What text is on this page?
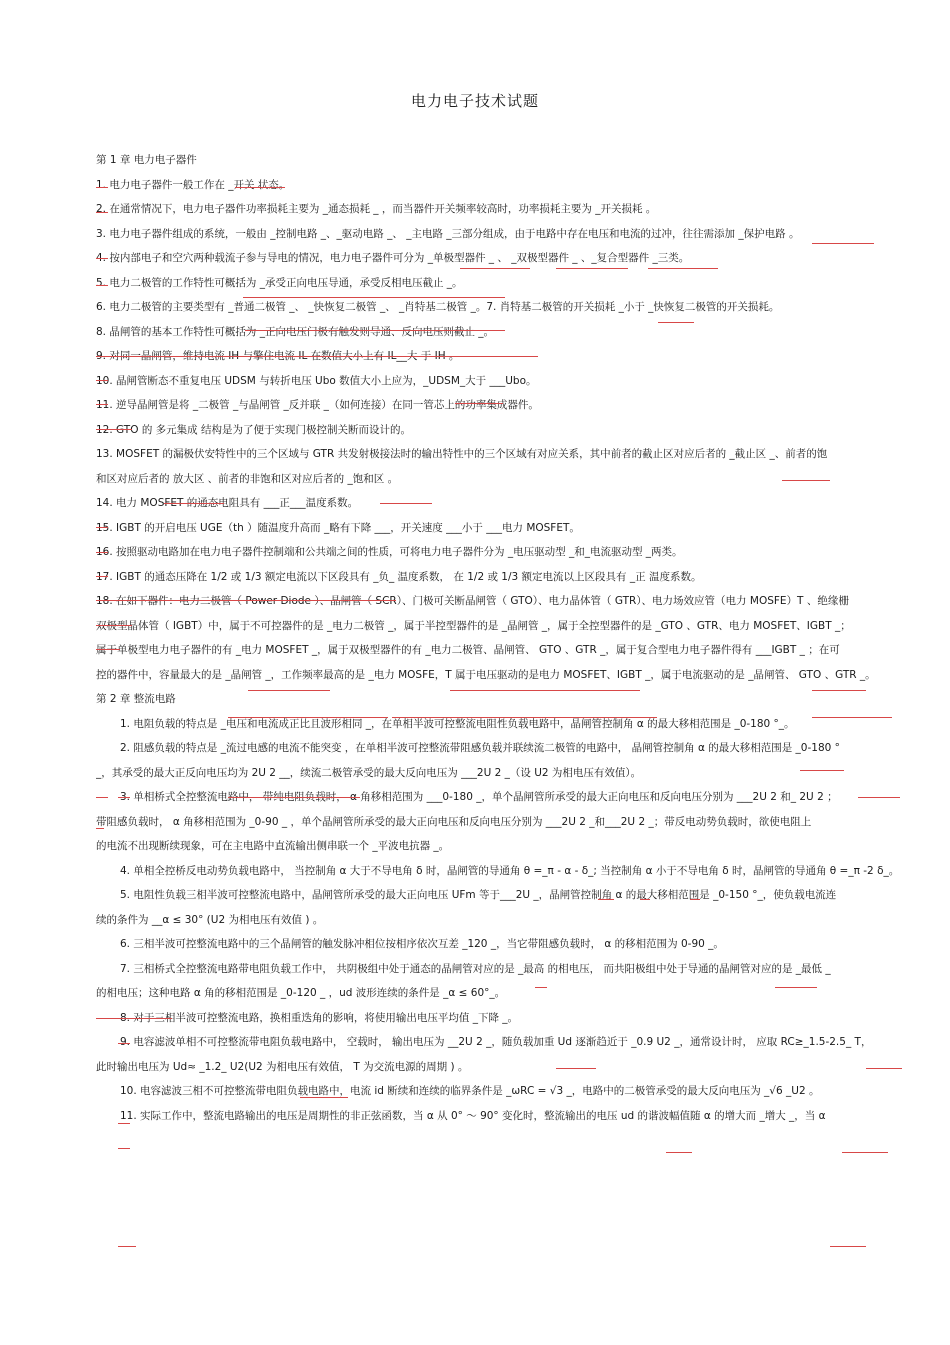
电力电子技术试题
第 1 章 电力电子器件
1. 电力电子器件一般工作在 _开关 状态。
2. 在通常情况下，电力电子器件功率损耗主要为 _通态损耗 _ ，而当器件开关频率较高时，功率损耗主要为 _开关损耗 。
3. 电力电子器件组成的系统，一般由 _控制电路 _、_驱动电路 _、 _主电路 _三部分组成，由于电路中存在电压和电流的过冲，往往需添加 _保护电路 。
4. 按内部电子和空穴两种载流子参与导电的情况，电力电子器件可分为 _单极型器件 _ 、 _双极型器件 _ 、_复合型器件 _三类。
5. 电力二极管的工作特性可概括为 _承受正向电压导通，承受反相电压截止 _。
6. 电力二极管的主要类型有 _普通二极管 _、 _快恢复二极管 _、 _肖特基二极管 _。7. 肖特基二极管的开关损耗 _小于 _快恢复二极管的开关损耗。
8. 晶闸管的基本工作特性可概括为 _正向电压门极有触发则导通、反向电压则截止 _。
9. 对同一晶闸管，维持电流 IH 与擎住电流 IL 在数值大小上有 IL__大 于 IH 。
10. 晶闸管断态不重复电压 UDSM 与转折电压 Ubo 数值大小上应为，_UDSM_大于 ___Ubo。
11. 逆导晶闸管是将 _二极管 _与晶闸管 _反并联 _（如何连接）在同一管芯上的功率集成器件。
12. GTO 的 多元集成 结构是为了便于实现门极控制关断而设计的。
13. MOSFET 的漏极伏安特性中的三个区域与 GTR 共发射极接法时的输出特性中的三个区域有对应关系，其中前者的截止区对应后者的 _截止区 _、前者的饱
和区对应后者的 放大区 、前者的非饱和区对应后者的 _饱和区 。
14. 电力 MOSFET 的通态电阻具有 ___正___温度系数。
15. IGBT 的开启电压 UGE（th ）随温度升高而 _略有下降 ___，开关速度 ___小于 ___电力 MOSFET。
16. 按照驱动电路加在电力电子器件控制端和公共端之间的性质，可将电力电子器件分为 _电压驱动型 _和_电流驱动型 _两类。
17. IGBT 的通态压降在 1/2 或 1/3 额定电流以下区段具有 _负_ 温度系数， 在 1/2 或 1/3 额定电流以上区段具有 _正 温度系数。
18. 在如下器件：电力二极管（ Power Diode ）、晶闸管（ SCR）、门极可关断晶闸管（ GTO）、电力晶体管（ GTR）、电力场效应管（电力 MOSFE）T 、绝缘栅
双极型晶体管（ IGBT）中，属于不可控器件的是 _电力二极管 _，属于半控型器件的是 _晶闸管 _，属于全控型器件的是 _GTO 、GTR、电力 MOSFET、IGBT _；
属于单极型电力电子器件的有 _电力 MOSFET _，属于双极型器件的有 _电力二极管、晶闸管、 GTO 、GTR _，属于复合型电力电子器件得有 ___IGBT _ ；在可
控的器件中，容量最大的是 _晶闸管 _，工作频率最高的是 _电力 MOSFE，T 属于电压驱动的是电力 MOSFET、IGBT _，属于电流驱动的是 _晶闸管、 GTO 、GTR _。
第 2 章 整流电路
1. 电阻负载的特点是 _电压和电流成正比且波形相同 _，在单相半波可控整流电阻性负载电路中，晶闸管控制角 α 的最大移相范围是 _0-180 °_。
2. 阻感负载的特点是 _流过电感的电流不能突变 ，在单相半波可控整流带阻感负载并联续流二极管的电路中， 晶闸管控制角 α 的最大移相范围是 _0-180 °
_，其承受的最大正反向电压均为 2U 2 __，续流二极管承受的最大反向电压为 ___2U 2 _（设 U2 为相电压有效值）。
3. 单相桥式全控整流电路中， 带纯电阻负载时， α 角移相范围为 ___0-180 _，单个晶闸管所承受的最大正向电压和反向电压分别为 ___2U 2 和_ 2U 2 ；
带阻感负载时， α 角移相范围为 _0-90 _ ，单个晶闸管所承受的最大正向电压和反向电压分别为 ___2U 2 _和___2U 2 _；带反电动势负载时，欲使电阻上
的电流不出现断续现象，可在主电路中直流输出侧串联一个 _平波电抗器 _。
4. 单相全控桥反电动势负载电路中， 当控制角 α 大于不导电角 δ 时，晶闸管的导通角 θ =_π - α - δ_; 当控制角 α 小于不导电角 δ 时，晶闸管的导通角 θ =_π -2 δ_。
5. 电阻性负载三相半波可控整流电路中，晶闸管所承受的最大正向电压 UFm 等于___2U _，晶闸管控制角 α 的最大移相范围是 _0-150 °_，使负载电流连
续的条件为 __α ≤ 30° (U2 为相电压有效值 ) 。
6. 三相半波可控整流电路中的三个晶闸管的触发脉冲相位按相序依次互差 _120 _，当它带阻感负载时， α 的移相范围为 0-90 _。
7. 三相桥式全控整流电路带电阻负载工作中， 共阴极组中处于通态的晶闸管对应的是 _最高 的相电压， 而共阳极组中处于导通的晶闸管对应的是 _最低 _
的相电压；这种电路 α 角的移相范围是 _0-120 _ ，ud 波形连续的条件是 _α ≤ 60°_。
8. 对于三相半波可控整流电路，换相重迭角的影响，将使用输出电压平均值 _下降 _。
9. 电容滤波单相不可控整流带电阻负载电路中， 空载时， 输出电压为 __2U 2 _，随负载加重 Ud 逐渐趋近于 _0.9 U2 _，通常设计时， 应取 RC≥_1.5-2.5_ T，
此时输出电压为 Ud≈ _1.2_ U2(U2 为相电压有效值， T 为交流电源的周期 ) 。
10. 电容滤波三相不可控整流带电阻负载电路中，电流 id 断续和连续的临界条件是 _ωRC = √3 _，电路中的二极管承受的最大反向电压为 _√6 _U2 。
11. 实际工作中，整流电路输出的电压是周期性的非正弦函数，当 α 从 0° ～ 90° 变化时，整流输出的电压 ud 的谐波幅值随 α 的增大而 _增大 _，当 α
